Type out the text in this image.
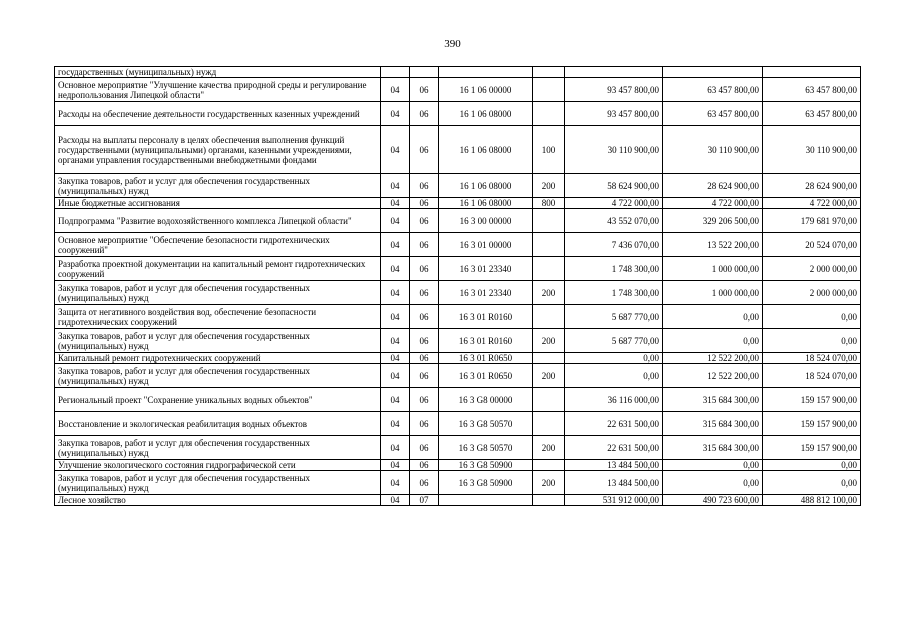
390
государственных (муниципальных) нужд							
Основное мероприятие "Улучшение качества природной среды и регулирование недропользования Липецкой области"	04	06	16 1 06 00000		93 457 800,00	63 457 800,00	63 457 800,00
Расходы на обеспечение деятельности государственных казенных учреждений	04	06	16 1 06 08000		93 457 800,00	63 457 800,00	63 457 800,00
Расходы на выплаты персоналу в целях обеспечения выполнения функций государственными (муниципальными) органами, казенными учреждениями, органами управления государственными внебюджетными фондами	04	06	16 1 06 08000	100	30 110 900,00	30 110 900,00	30 110 900,00
Закупка товаров, работ и услуг для обеспечения государственных (муниципальных) нужд	04	06	16 1 06 08000	200	58 624 900,00	28 624 900,00	28 624 900,00
Иные бюджетные ассигнования	04	06	16 1 06 08000	800	4 722 000,00	4 722 000,00	4 722 000,00
Подпрограмма "Развитие водохозяйственного комплекса Липецкой области"	04	06	16 3 00 00000		43 552 070,00	329 206 500,00	179 681 970,00
Основное мероприятие "Обеспечение безопасности гидротехнических сооружений"	04	06	16 3 01 00000		7 436 070,00	13 522 200,00	20 524 070,00
Разработка проектной документации на капитальный ремонт гидротехнических сооружений	04	06	16 3 01 23340		1 748 300,00	1 000 000,00	2 000 000,00
Закупка товаров, работ и услуг для обеспечения государственных (муниципальных) нужд	04	06	16 3 01 23340	200	1 748 300,00	1 000 000,00	2 000 000,00
Защита от негативного воздействия вод, обеспечение безопасности гидротехнических сооружений	04	06	16 3 01 R0160		5 687 770,00	0,00	0,00
Закупка товаров, работ и услуг для обеспечения государственных (муниципальных) нужд	04	06	16 3 01 R0160	200	5 687 770,00	0,00	0,00
Капитальный ремонт гидротехнических сооружений	04	06	16 3 01 R0650		0,00	12 522 200,00	18 524 070,00
Закупка товаров, работ и услуг для обеспечения государственных (муниципальных) нужд	04	06	16 3 01 R0650	200	0,00	12 522 200,00	18 524 070,00
Региональный проект "Сохранение уникальных водных объектов"	04	06	16 3 G8 00000		36 116 000,00	315 684 300,00	159 157 900,00
Восстановление и экологическая реабилитация водных объектов	04	06	16 3 G8 50570		22 631 500,00	315 684 300,00	159 157 900,00
Закупка товаров, работ и услуг для обеспечения государственных (муниципальных) нужд	04	06	16 3 G8 50570	200	22 631 500,00	315 684 300,00	159 157 900,00
Улучшение экологического состояния гидрографической сети	04	06	16 3 G8 50900		13 484 500,00	0,00	0,00
Закупка товаров, работ и услуг для обеспечения государственных (муниципальных) нужд	04	06	16 3 G8 50900	200	13 484 500,00	0,00	0,00
Лесное хозяйство	04	07			531 912 000,00	490 723 600,00	488 812 100,00
